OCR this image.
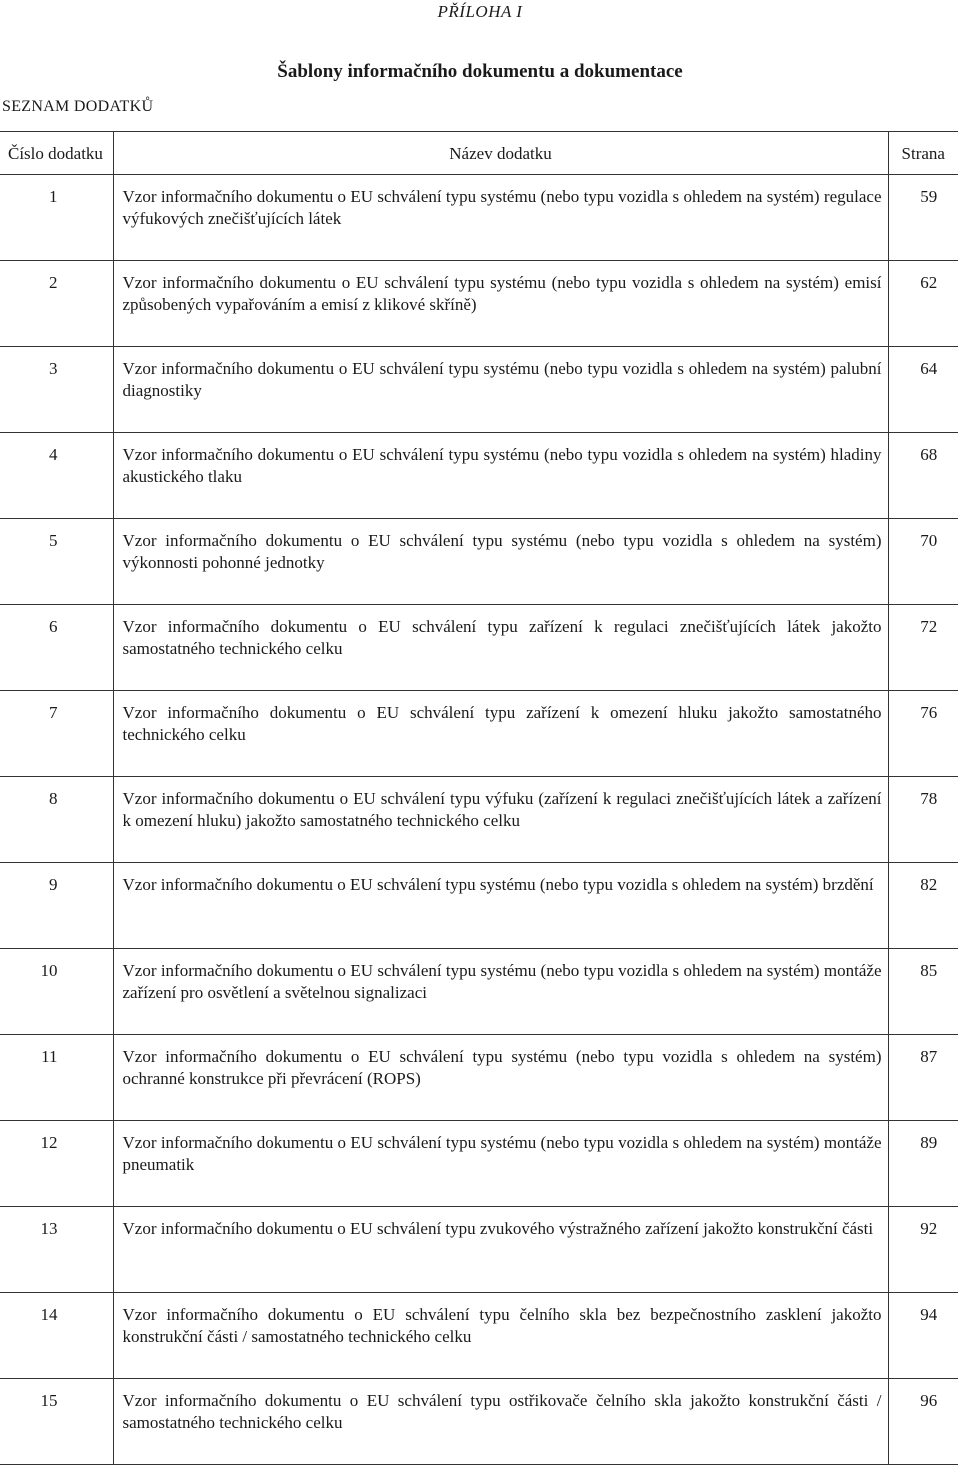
PŘÍLOHA I
Šablony informačního dokumentu a dokumentace
SEZNAM DODATKŮ
Číslo dodatku	Název dodatku	Strana
1	Vzor informačního dokumentu o EU schválení typu systému (nebo typu vozidla s ohledem na systém) regulace výfukových znečišťujících látek	59
2	Vzor informačního dokumentu o EU schválení typu systému (nebo typu vozidla s ohledem na systém) emisí způsobených vypařováním a emisí z klikové skříně)	62
3	Vzor informačního dokumentu o EU schválení typu systému (nebo typu vozidla s ohledem na systém) palubní diagnostiky	64
4	Vzor informačního dokumentu o EU schválení typu systému (nebo typu vozidla s ohledem na systém) hladiny akustického tlaku	68
5	Vzor informačního dokumentu o EU schválení typu systému (nebo typu vozidla s ohledem na systém) výkonnosti pohonné jednotky	70
6	Vzor informačního dokumentu o EU schválení typu zařízení k regulaci znečišťujících látek jakožto samostatného technického celku	72
7	Vzor informačního dokumentu o EU schválení typu zařízení k omezení hluku jakožto samostatného technického celku	76
8	Vzor informačního dokumentu o EU schválení typu výfuku (zařízení k regulaci znečišťujících látek a zařízení k omezení hluku) jakožto samostatného technického celku	78
9	Vzor informačního dokumentu o EU schválení typu systému (nebo typu vozidla s ohledem na systém) brzdění	82
10	Vzor informačního dokumentu o EU schválení typu systému (nebo typu vozidla s ohledem na systém) montáže zařízení pro osvětlení a světelnou signalizaci	85
11	Vzor informačního dokumentu o EU schválení typu systému (nebo typu vozidla s ohledem na systém) ochranné konstrukce při převrácení (ROPS)	87
12	Vzor informačního dokumentu o EU schválení typu systému (nebo typu vozidla s ohledem na systém) montáže pneumatik	89
13	Vzor informačního dokumentu o EU schválení typu zvukového výstražného zařízení jakožto konstrukční části	92
14	Vzor informačního dokumentu o EU schválení typu čelního skla bez bezpečnostního zasklení jakožto konstrukční části / samostatného technického celku	94
15	Vzor informačního dokumentu o EU schválení typu ostřikovače čelního skla jakožto konstrukční části / samostatného technického celku	96
